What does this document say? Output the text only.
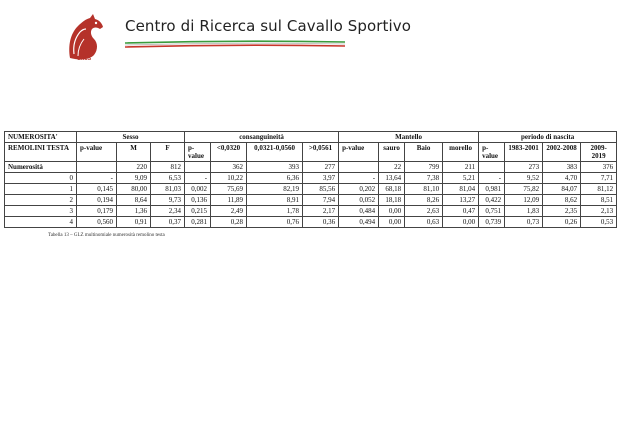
CRCS
Centro di Ricerca sul Cavallo Sportivo
NUMEROSITA'	Sesso			consanguineità				Mantello				periodo di nascita			
REMOLINI TESTA	p-value	M	F	p-value	<0,0320	0,0321-0,0560	>0,0561	p-value	sauro	Baio	morello	p-value	1983-2001	2002-2008	2009-2019
Numerosità		220	812		362	393	277		22	799	211		273	383	376
0	-	9,09	6,53	-	10,22	6,36	3,97	-	13,64	7,38	5,21	-	9,52	4,70	7,71
1	0,145	80,00	81,03	0,002	75,69	82,19	85,56	0,202	68,18	81,10	81,04	0,981	75,82	84,07	81,12
2	0,194	8,64	9,73	0,136	11,89	8,91	7,94	0,052	18,18	8,26	13,27	0,422	12,09	8,62	8,51
3	0,179	1,36	2,34	0,215	2,49	1,78	2,17	0,484	0,00	2,63	0,47	0,751	1,83	2,35	2,13
4	0,560	0,91	0,37	0,281	0,28	0,76	0,36	0,494	0,00	0,63	0,00	0,739	0,73	0,26	0,53
Tabella 13 – GLZ multinomiale numerosità remolino testa
